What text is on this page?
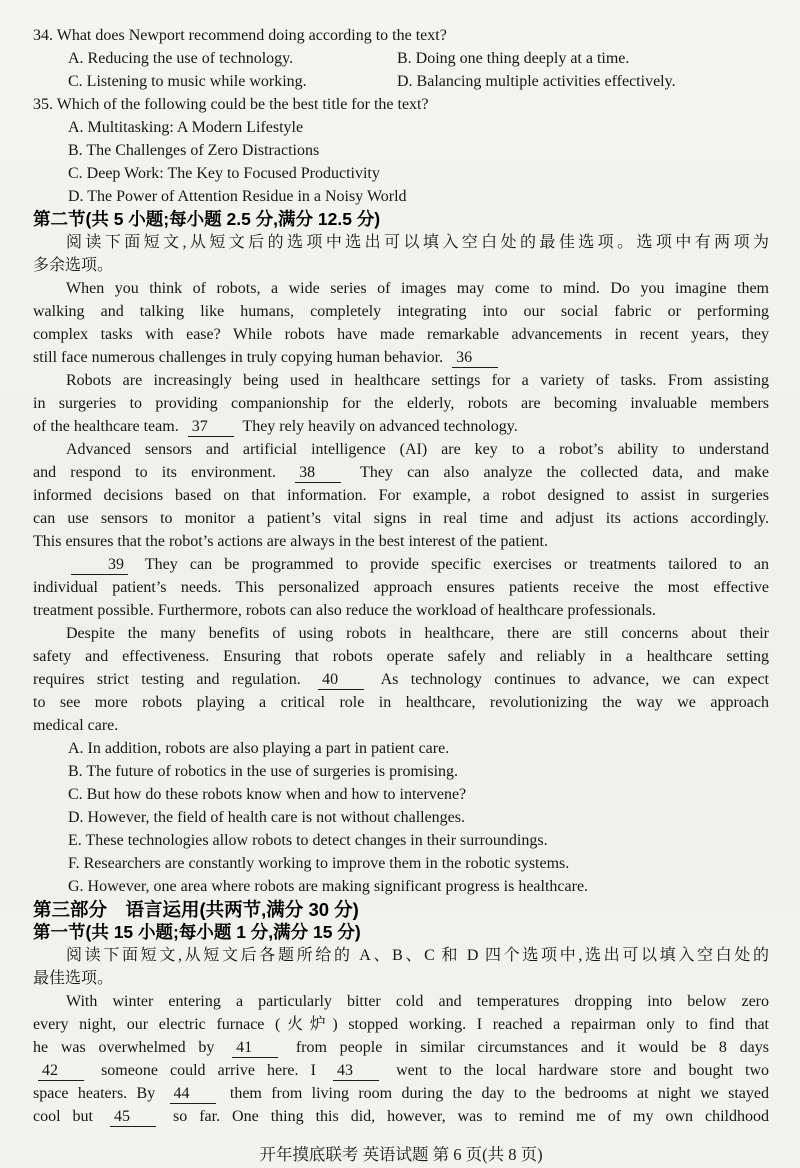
34. What does Newport recommend doing according to the text?
A. Reducing the use of technology.	B. Doing one thing deeply at a time.
C. Listening to music while working.	D. Balancing multiple activities effectively.
35. Which of the following could be the best title for the text?
A. Multitasking: A Modern Lifestyle
B. The Challenges of Zero Distractions
C. Deep Work: The Key to Focused Productivity
D. The Power of Attention Residue in a Noisy World
第二节(共 5 小题;每小题 2.5 分,满分 12.5 分)
阅读下面短文,从短文后的选项中选出可以填入空白处的最佳选项。选项中有两项为
多余选项。
When you think of robots, a wide series of images may come to mind. Do you imagine them
walking and talking like humans, completely integrating into our social fabric or performing
complex tasks with ease? While robots have made remarkable advancements in recent years, they
still face numerous challenges in truly copying human behavior. 36
Robots are increasingly being used in healthcare settings for a variety of tasks. From assisting
in surgeries to providing companionship for the elderly, robots are becoming invaluable members
of the healthcare team. 37 They rely heavily on advanced technology.
Advanced sensors and artificial intelligence (AI) are key to a robot’s ability to understand
and respond to its environment. 38 They can also analyze the collected data, and make
informed decisions based on that information. For example, a robot designed to assist in surgeries
can use sensors to monitor a patient’s vital signs in real time and adjust its actions accordingly.
This ensures that the robot’s actions are always in the best interest of the patient.
39 They can be programmed to provide specific exercises or treatments tailored to an
individual patient’s needs. This personalized approach ensures patients receive the most effective
treatment possible. Furthermore, robots can also reduce the workload of healthcare professionals.
Despite the many benefits of using robots in healthcare, there are still concerns about their
safety and effectiveness. Ensuring that robots operate safely and reliably in a healthcare setting
requires strict testing and regulation. 40 As technology continues to advance, we can expect
to see more robots playing a critical role in healthcare, revolutionizing the way we approach
medical care.
A. In addition, robots are also playing a part in patient care.
B. The future of robotics in the use of surgeries is promising.
C. But how do these robots know when and how to intervene?
D. However, the field of health care is not without challenges.
E. These technologies allow robots to detect changes in their surroundings.
F. Researchers are constantly working to improve them in the robotic systems.
G. However, one area where robots are making significant progress is healthcare.
第三部分　语言运用(共两节,满分 30 分)
第一节(共 15 小题;每小题 1 分,满分 15 分)
阅读下面短文,从短文后各题所给的 A、B、C 和 D 四个选项中,选出可以填入空白处的
最佳选项。
With winter entering a particularly bitter cold and temperatures dropping into below zero
every night, our electric furnace (火炉) stopped working. I reached a repairman only to find that
he was overwhelmed by 41 from people in similar circumstances and it would be 8 days
42 someone could arrive here. I 43 went to the local hardware store and bought two
space heaters. By 44 them from living room during the day to the bedrooms at night we stayed
cool but 45 so far. One thing this did, however, was to remind me of my own childhood
开年摸底联考 英语试题 第 6 页(共 8 页)
